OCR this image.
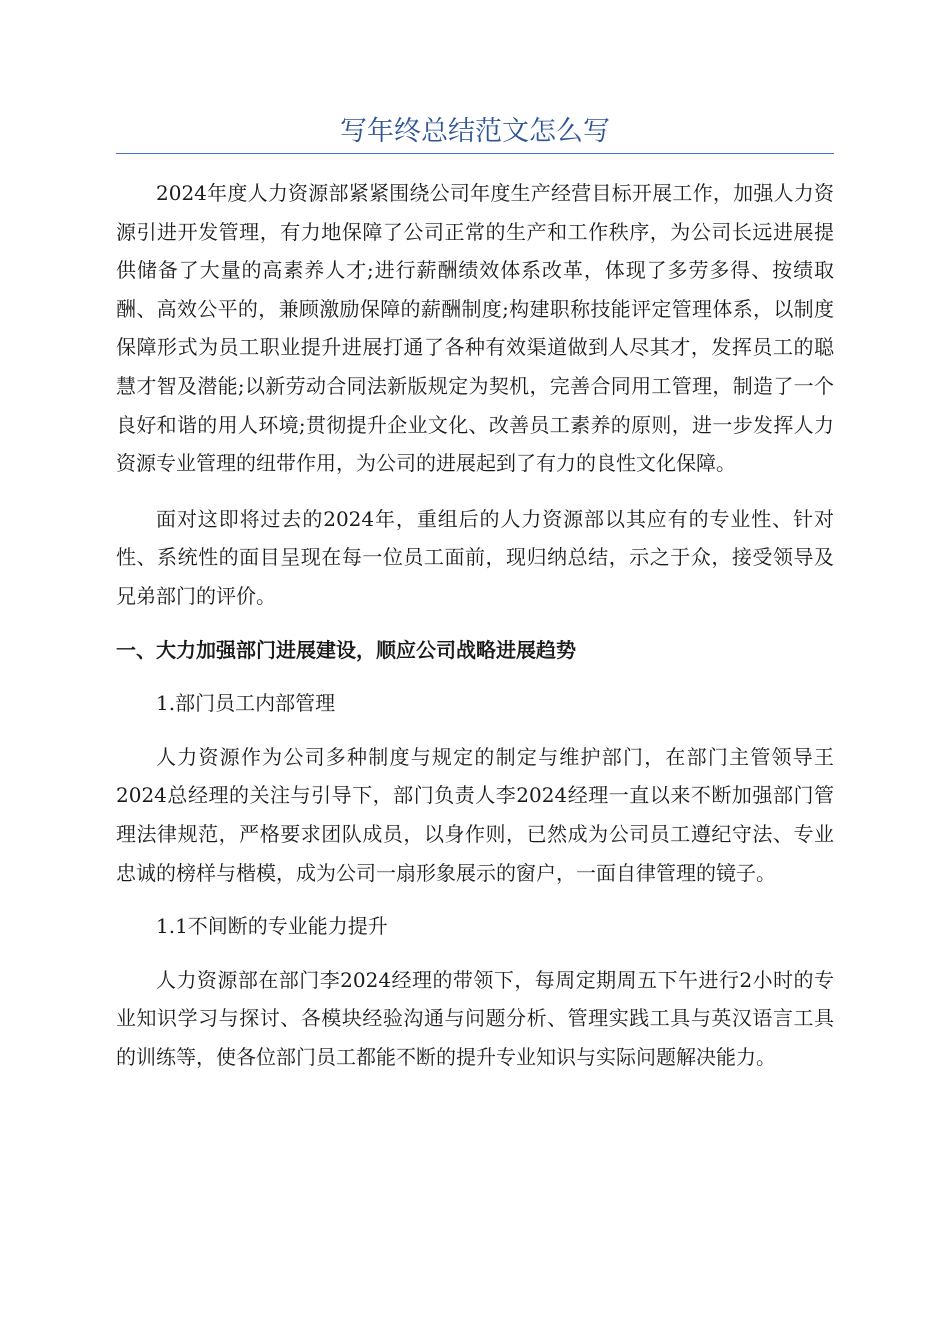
写年终总结范文怎么写

2024年度人力资源部紧紧围绕公司年度生产经营目标开展工作，加强人力资源引进开发管理，有力地保障了公司正常的生产和工作秩序，为公司长远进展提供储备了大量的高素养人才;进行薪酬绩效体系改革，体现了多劳多得、按绩取酬、高效公平的，兼顾激励保障的薪酬制度;构建职称技能评定管理体系，以制度保障形式为员工职业提升进展打通了各种有效渠道做到人尽其才，发挥员工的聪慧才智及潜能;以新劳动合同法新版规定为契机，完善合同用工管理，制造了一个良好和谐的用人环境;贯彻提升企业文化、改善员工素养的原则，进一步发挥人力资源专业管理的纽带作用，为公司的进展起到了有力的良性文化保障。

面对这即将过去的2024年，重组后的人力资源部以其应有的专业性、针对性、系统性的面目呈现在每一位员工面前，现归纳总结，示之于众，接受领导及兄弟部门的评价。

一、大力加强部门进展建设，顺应公司战略进展趋势

1.部门员工内部管理

人力资源作为公司多种制度与规定的制定与维护部门，在部门主管领导王2024总经理的关注与引导下，部门负责人李2024经理一直以来不断加强部门管理法律规范，严格要求团队成员，以身作则，已然成为公司员工遵纪守法、专业忠诚的榜样与楷模，成为公司一扇形象展示的窗户，一面自律管理的镜子。

1.1不间断的专业能力提升

人力资源部在部门李2024经理的带领下，每周定期周五下午进行2小时的专业知识学习与探讨、各模块经验沟通与问题分析、管理实践工具与英汉语言工具的训练等，使各位部门员工都能不断的提升专业知识与实际问题解决能力。
